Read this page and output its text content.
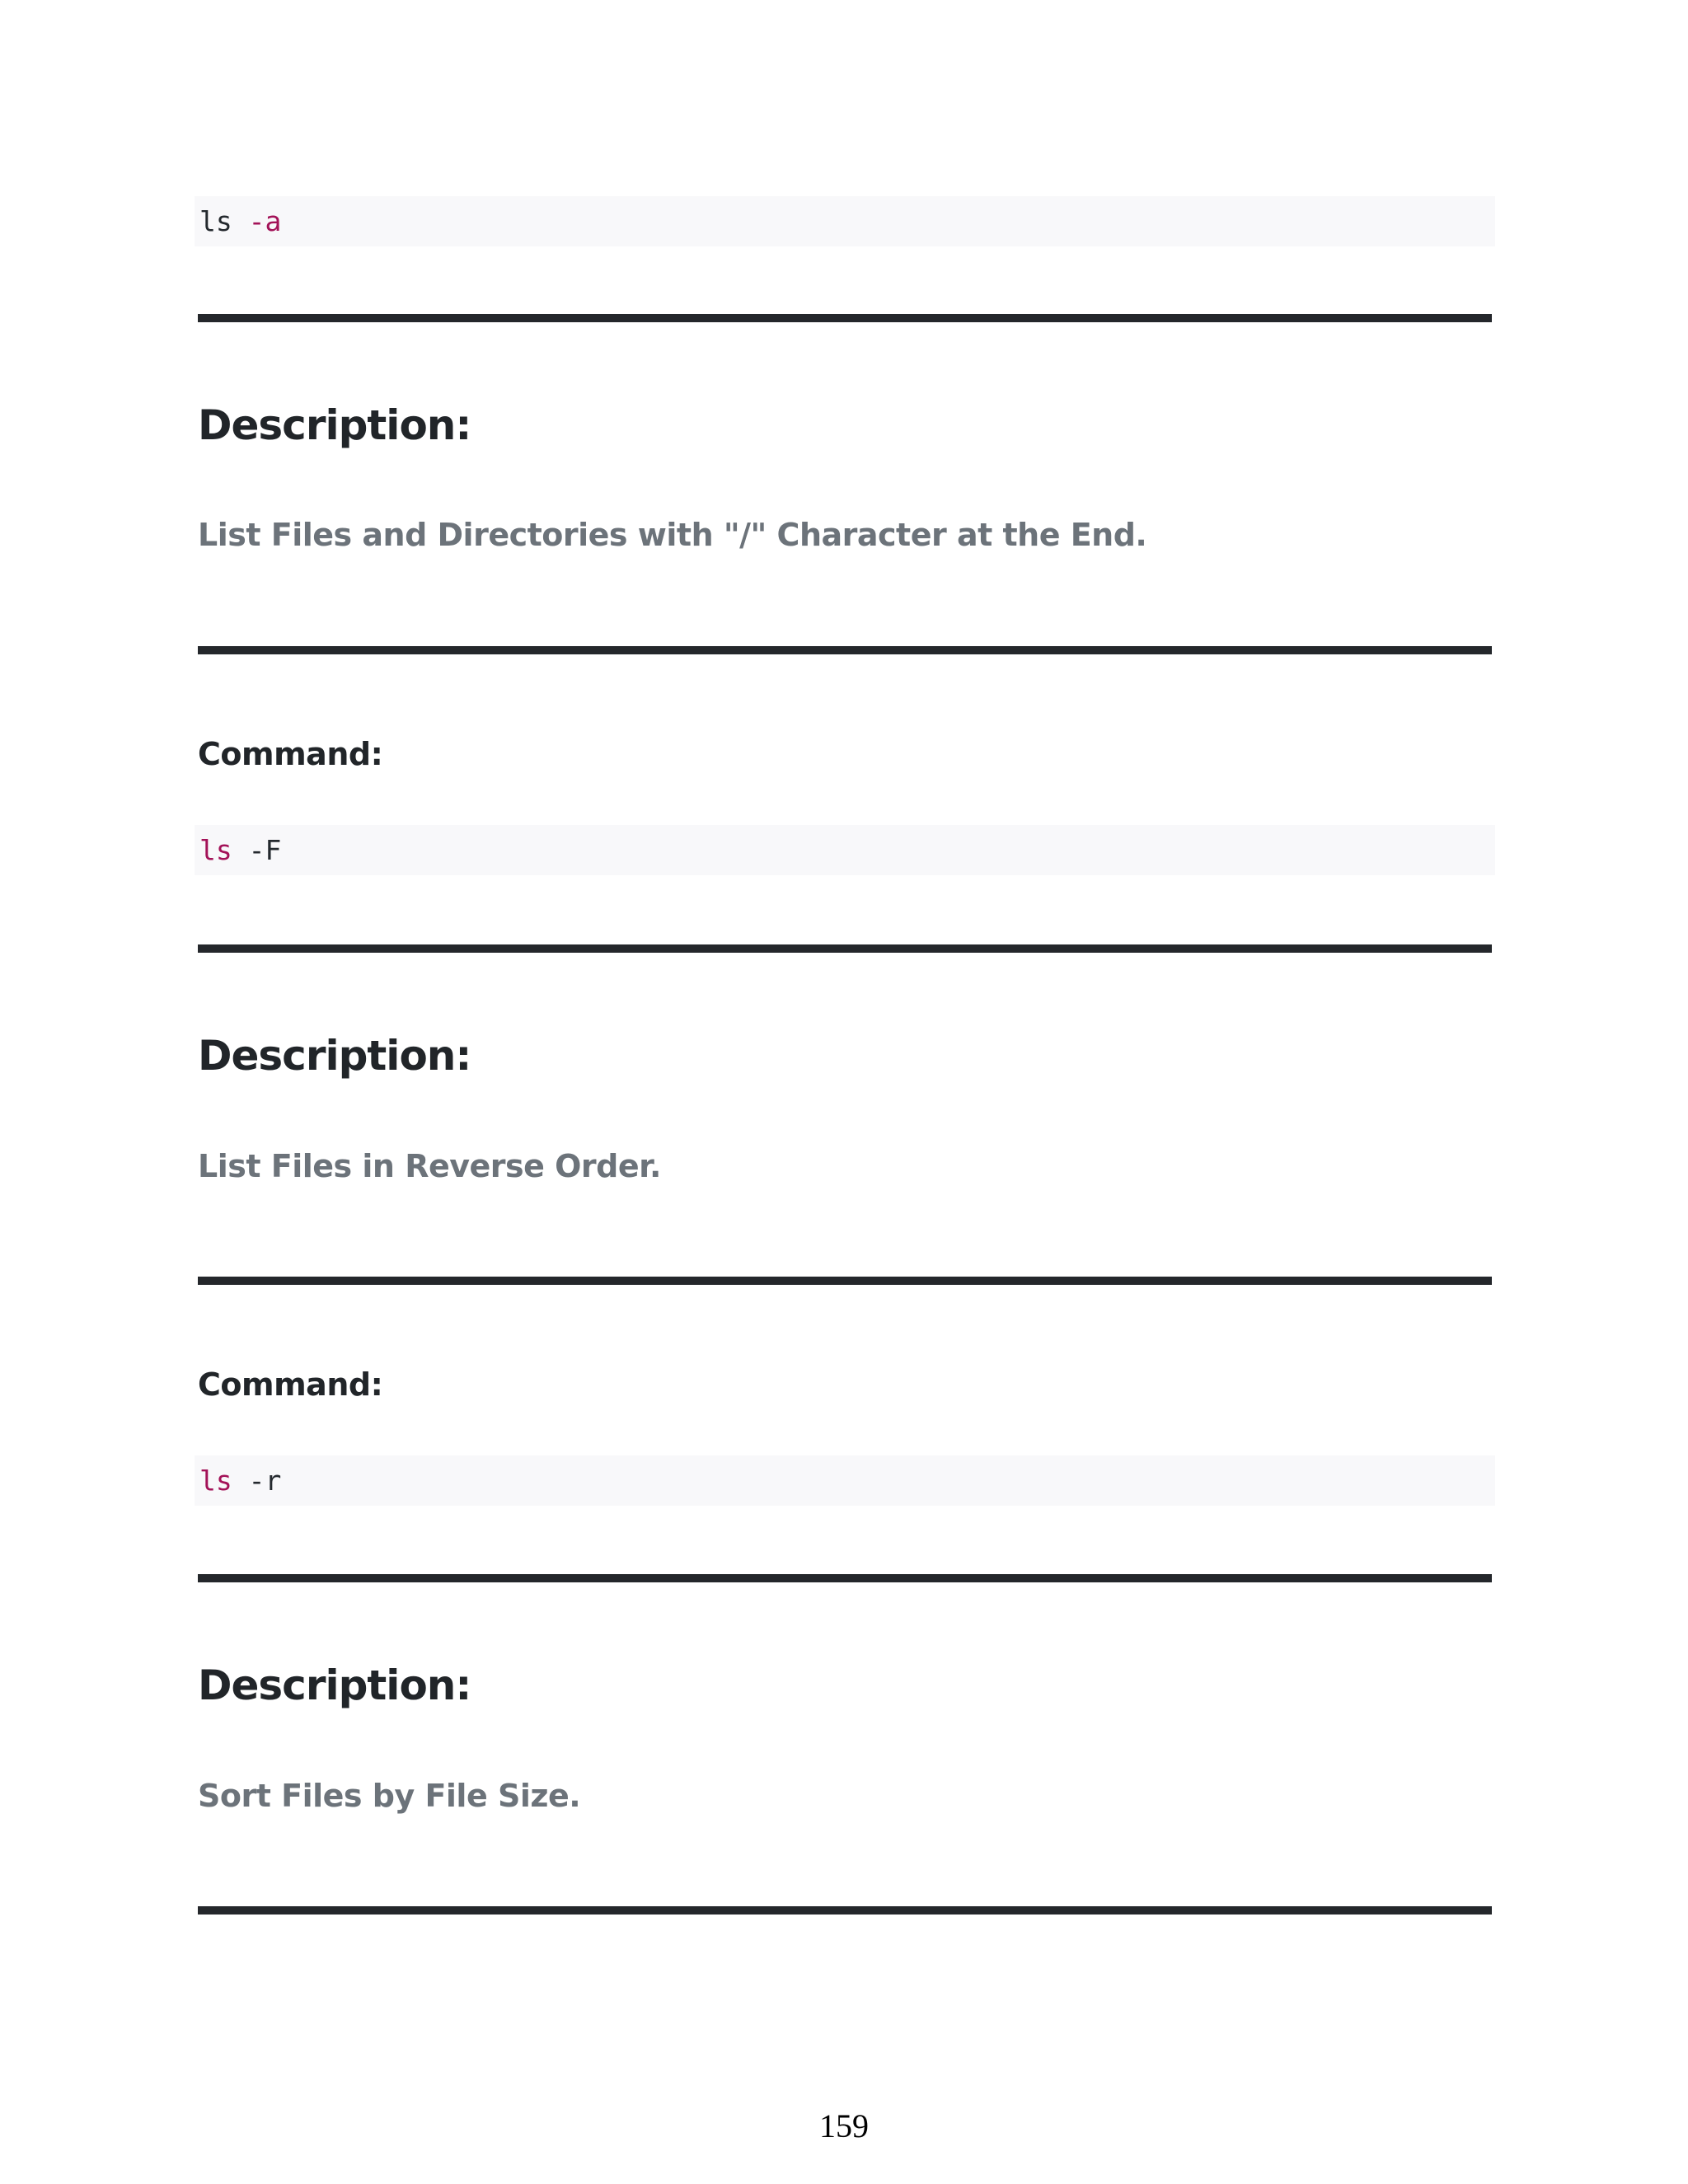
ls -a
Description:
List Files and Directories with "/" Character at the End.
Command:
ls -F
Description:
List Files in Reverse Order.
Command:
ls -r
Description:
Sort Files by File Size.
159
